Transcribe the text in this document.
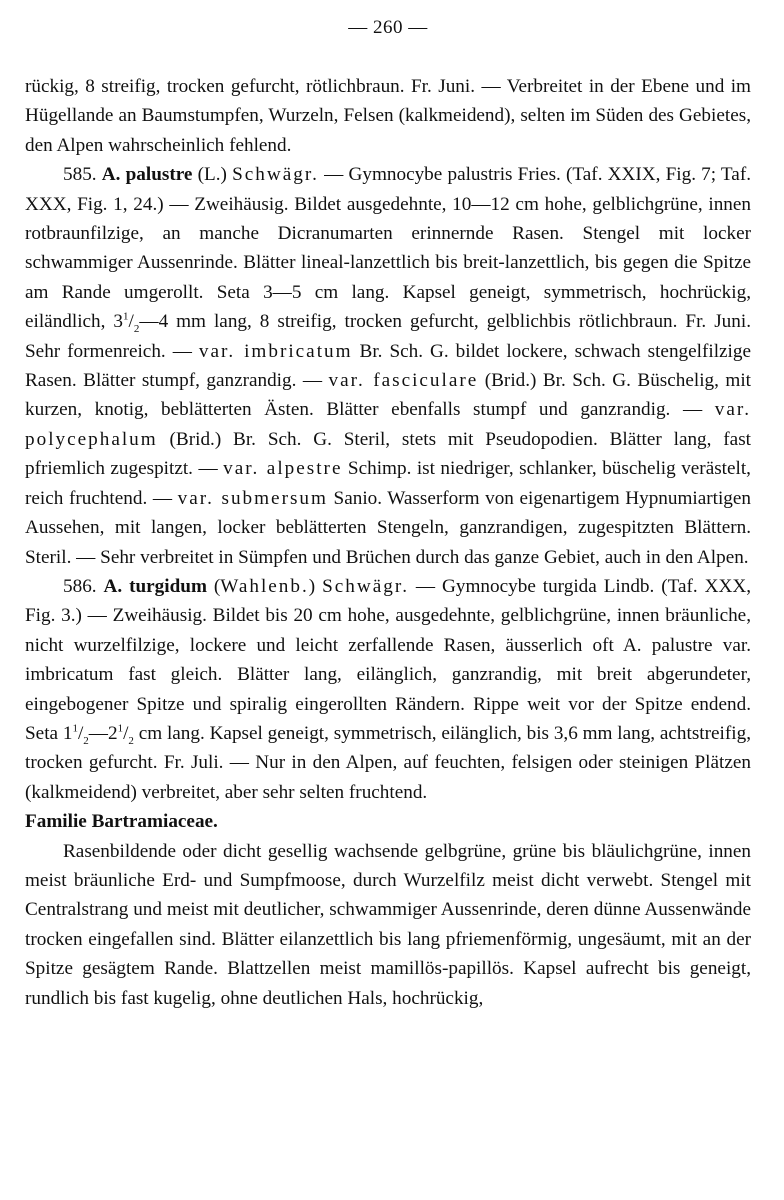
— 260 —

rückig, 8 streifig, trocken gefurcht, rötlichbraun. Fr. Juni. — Verbreitet in der Ebene und im Hügellande an Baumstumpfen, Wurzeln, Felsen (kalkmeidend), selten im Süden des Gebietes, den Alpen wahrscheinlich fehlend.

585. A. palustre (L.) Schwägr. — Gymnocybe palustris Fries. (Taf. XXIX, Fig. 7; Taf. XXX, Fig. 1, 24.) — Zweihäusig. Bildet ausgedehnte, 10—12 cm hohe, gelblichgrüne, innen rotbraunfilzige, an manche Dicranumarten erinnernde Rasen. Stengel mit locker schwammiger Aussenrinde. Blätter lineal-lanzettlich bis breit-lanzettlich, bis gegen die Spitze am Rande umgerollt. Seta 3—5 cm lang. Kapsel geneigt, symmetrisch, hochrückig, eiländlich, $3^1/_2—4$ mm lang, 8 streifig, trocken gefurcht, gelblichbis rötlichbraun. Fr. Juni. Sehr formenreich. — var. imbricatum Br. Sch. G. bildet lockere, schwach stengelfilzige Rasen. Blätter stumpf, ganzrandig. — var. fasciculare (Brid.) Br. Sch. G. Büschelig, mit kurzen, knotig, beblätterten Ästen. Blätter ebenfalls stumpf und ganzrandig. — var. polycephalum (Brid.) Br. Sch. G. Steril, stets mit Pseudopodien. Blätter lang, fast pfriemlich zugespitzt. — var. alpestre Schimp. ist niedriger, schlanker, büschelig verästelt, reich fruchtend. — var. submersum Sanio. Wasserform von eigenartigem Hypnumiartigen Aussehen, mit langen, locker beblätterten Stengeln, ganzrandigen, zugespitzten Blättern. Steril. — Sehr verbreitet in Sümpfen und Brüchen durch das ganze Gebiet, auch in den Alpen.

586. A. turgidum (Wahlenb.) Schwägr. — Gymnocybe turgida Lindb. (Taf. XXX, Fig. 3.) — Zweihäusig. Bildet bis 20 cm hohe, ausgedehnte, gelblichgrüne, innen bräunliche, nicht wurzelfilzige, lockere und leicht zerfallende Rasen, äusserlich oft A. palustre var. imbricatum fast gleich. Blätter lang, eilänglich, ganzrandig, mit breit abgerundeter, eingebogener Spitze und spiralig eingerollten Rändern. Rippe weit vor der Spitze endend. Seta $1^1/_2—2^1/_2$ cm lang. Kapsel geneigt, symmetrisch, eilänglich, bis 3,6 mm lang, achtstreifig, trocken gefurcht. Fr. Juli. — Nur in den Alpen, auf feuchten, felsigen oder steinigen Plätzen (kalkmeidend) verbreitet, aber sehr selten fruchtend.

Familie Bartramiaceae.

Rasenbildende oder dicht gesellig wachsende gelbgrüne, grüne bis bläulichgrüne, innen meist bräunliche Erd- und Sumpfmoose, durch Wurzelfilz meist dicht verwebt. Stengel mit Centralstrang und meist mit deutlicher, schwammiger Aussenrinde, deren dünne Aussenwände trocken eingefallen sind. Blätter eilanzettlich bis lang pfriemenförmig, ungesäumt, mit an der Spitze gesägtem Rande. Blattzellen meist mamillös-papillös. Kapsel aufrecht bis geneigt, rundlich bis fast kugelig, ohne deutlichen Hals, hochrückig,
